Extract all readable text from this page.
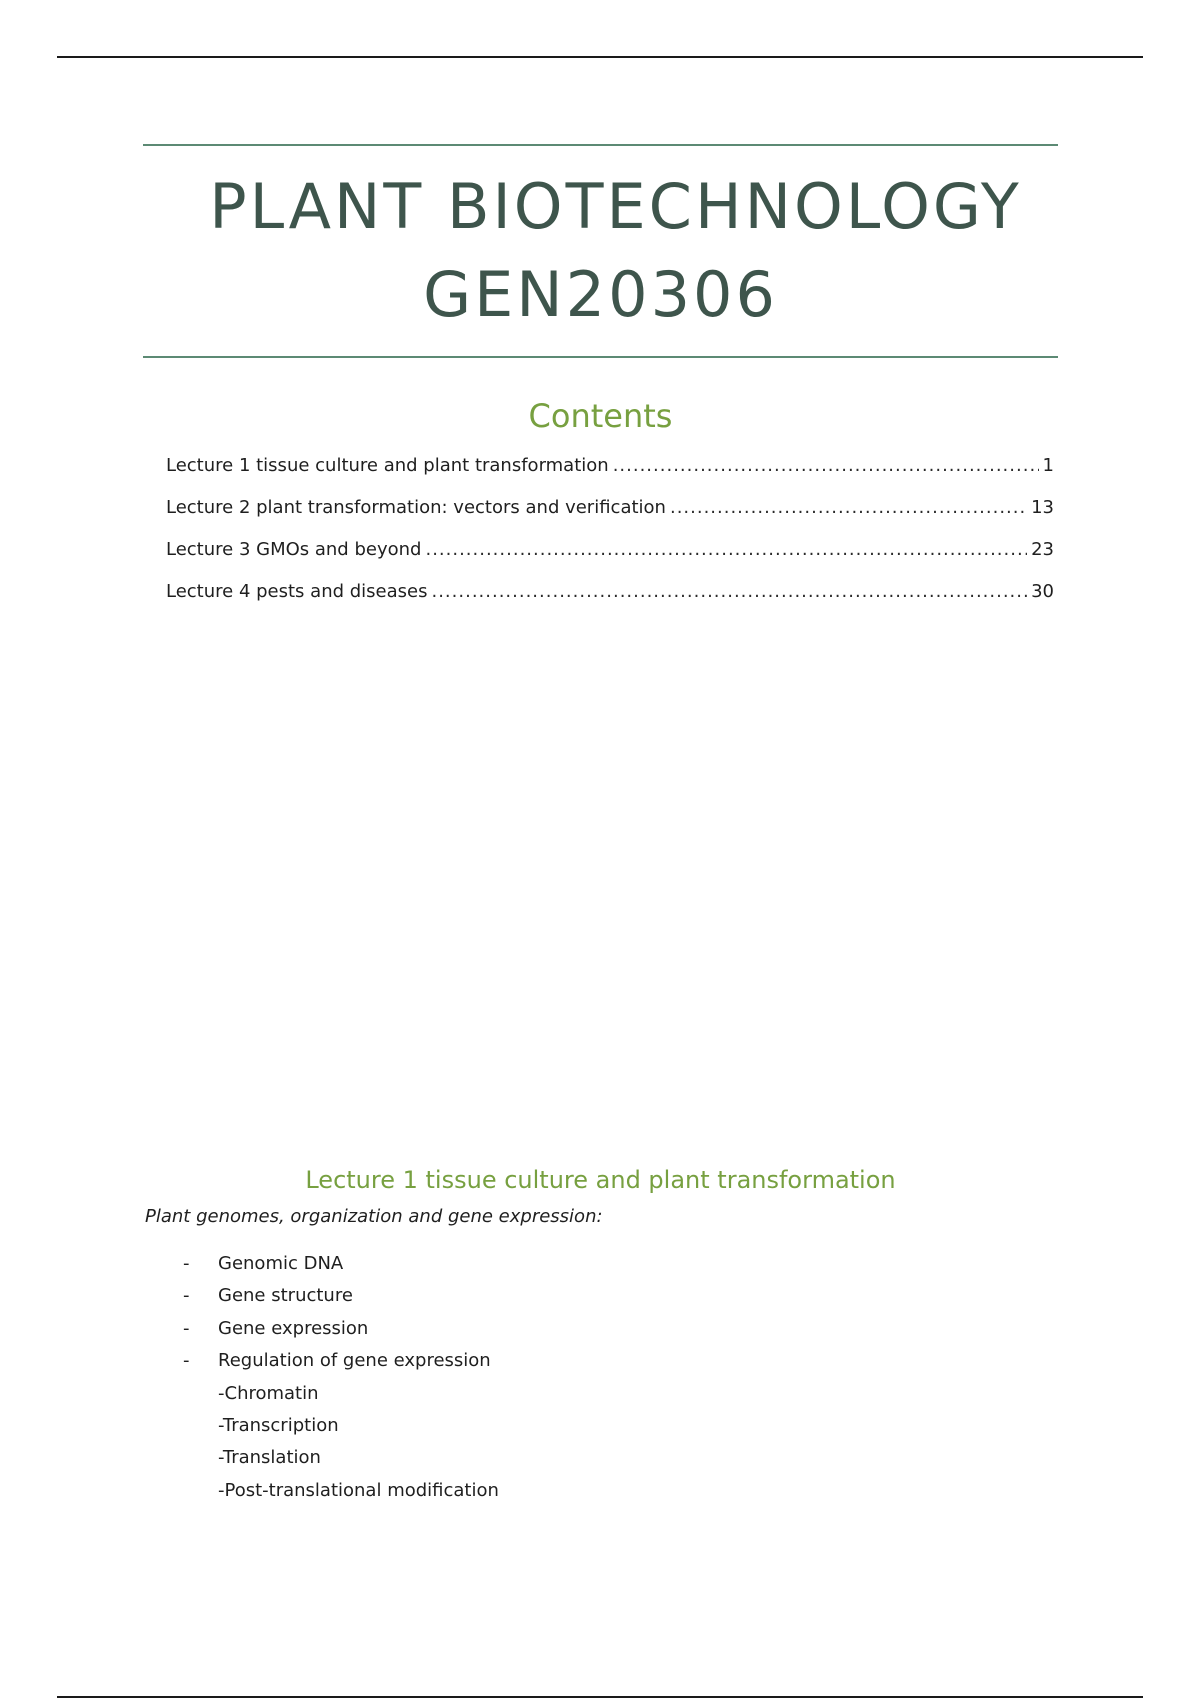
PLANT BIOTECHNOLOGY
GEN20306
Contents
Lecture 1 tissue culture and plant transformation .....	1
Lecture 2 plant transformation: vectors and verification .....	13
Lecture 3 GMOs and beyond .....	23
Lecture 4 pests and diseases .....	30
Lecture 1 tissue culture and plant transformation
Plant genomes, organization and gene expression:
-	Genomic DNA
-	Gene structure
-	Gene expression
-	Regulation of gene expression
-Chromatin
-Transcription
-Translation
-Post-translational modification
